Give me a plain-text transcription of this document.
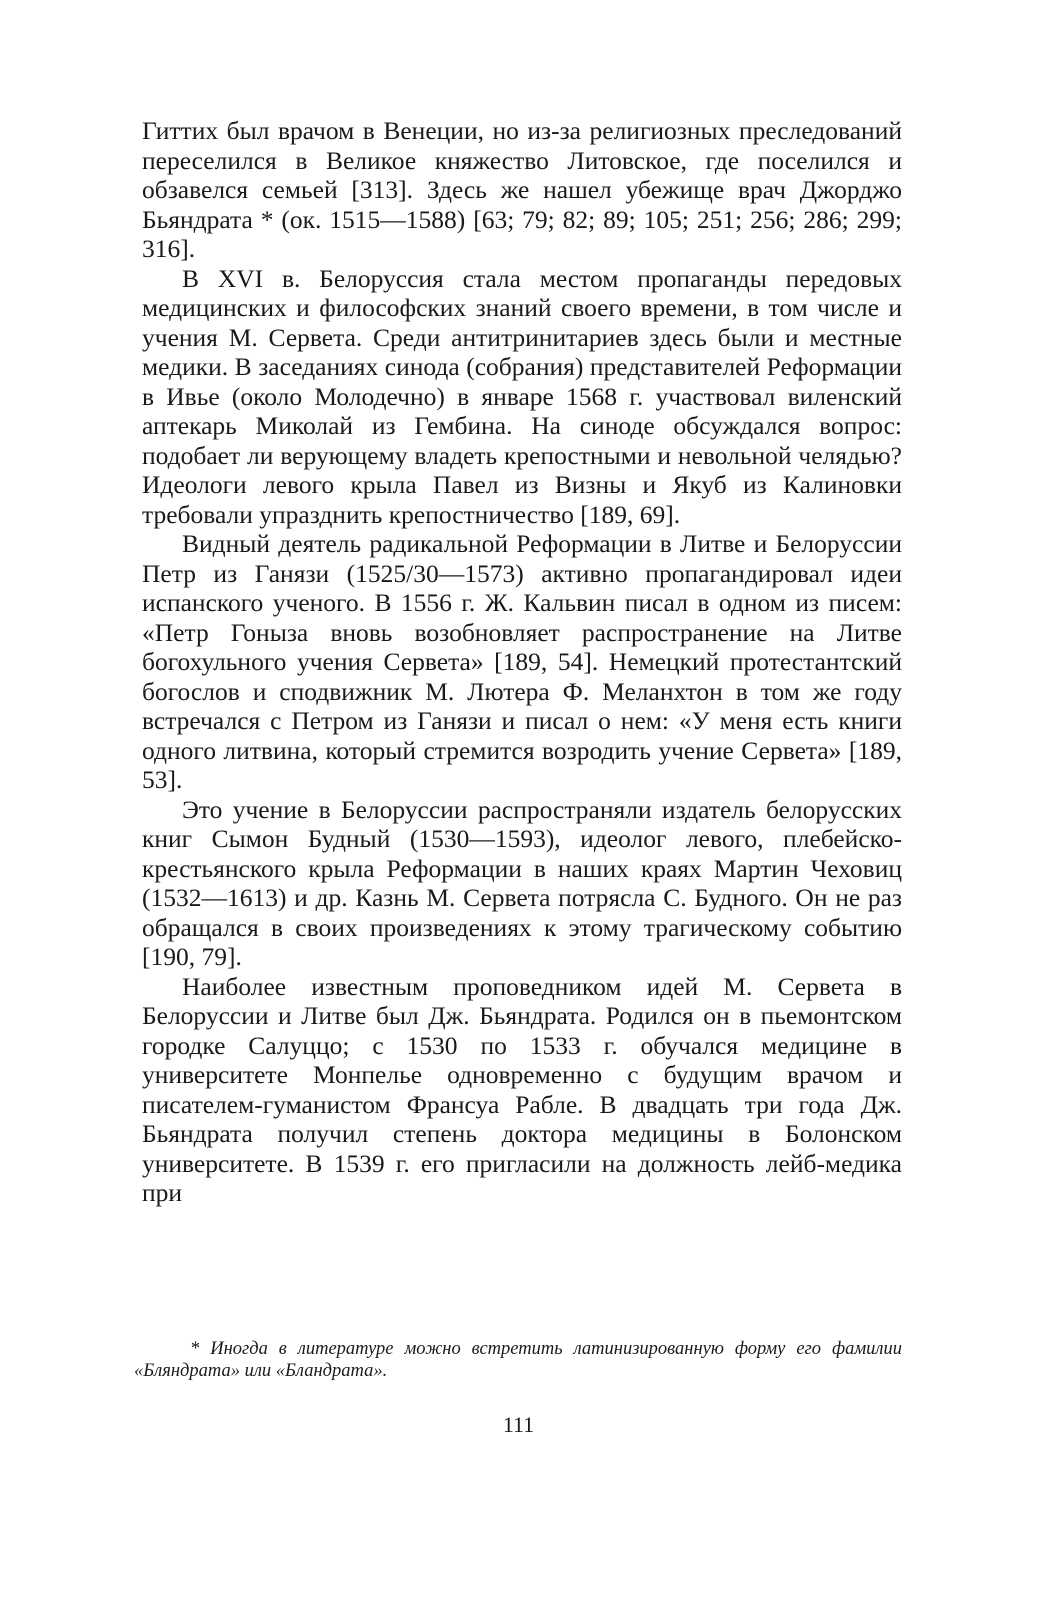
Гиттих был врачом в Венеции, но из-за религиозных преследований переселился в Великое княжество Литовское, где поселился и обзавелся семьей [313]. Здесь же нашел убежище врач Джорджо Бьяндрата * (ок. 1515—1588) [63; 79; 82; 89; 105; 251; 256; 286; 299; 316].

В XVI в. Белоруссия стала местом пропаганды передовых медицинских и философских знаний своего времени, в том числе и учения М. Сервета. Среди антитринитариев здесь были и местные медики. В заседаниях синода (собрания) представителей Реформации в Ивье (около Молодечно) в январе 1568 г. участвовал виленский аптекарь Миколай из Гембина. На синоде обсуждался вопрос: подобает ли верующему владеть крепостными и невольной челядью? Идеологи левого крыла Павел из Визны и Якуб из Калиновки требовали упразднить крепостничество [189, 69].

Видный деятель радикальной Реформации в Литве и Белоруссии Петр из Ганязи (1525/30—1573) активно пропагандировал идеи испанского ученого. В 1556 г. Ж. Кальвин писал в одном из писем: «Петр Гоныза вновь возобновляет распространение на Литве богохульного учения Сервета» [189, 54]. Немецкий протестантский богослов и сподвижник М. Лютера Ф. Меланхтон в том же году встречался с Петром из Ганязи и писал о нем: «У меня есть книги одного литвина, который стремится возродить учение Сервета» [189, 53].

Это учение в Белоруссии распространяли издатель белорусских книг Сымон Будный (1530—1593), идеолог левого, плебейско-крестьянского крыла Реформации в наших краях Мартин Чеховиц (1532—1613) и др. Казнь М. Сервета потрясла С. Будного. Он не раз обращался в своих произведениях к этому трагическому событию [190, 79].

Наиболее известным проповедником идей М. Сервета в Белоруссии и Литве был Дж. Бьяндрата. Родился он в пьемонтском городке Салуццо; с 1530 по 1533 г. обучался медицине в университете Монпелье одновременно с будущим врачом и писателем-гуманистом Франсуа Рабле. В двадцать три года Дж. Бьяндрата получил степень доктора медицины в Болонском университете. В 1539 г. его пригласили на должность лейб-медика при

* Иногда в литературе можно встретить латинизированную форму его фамилии «Бляндрата» или «Бландрата».

111
